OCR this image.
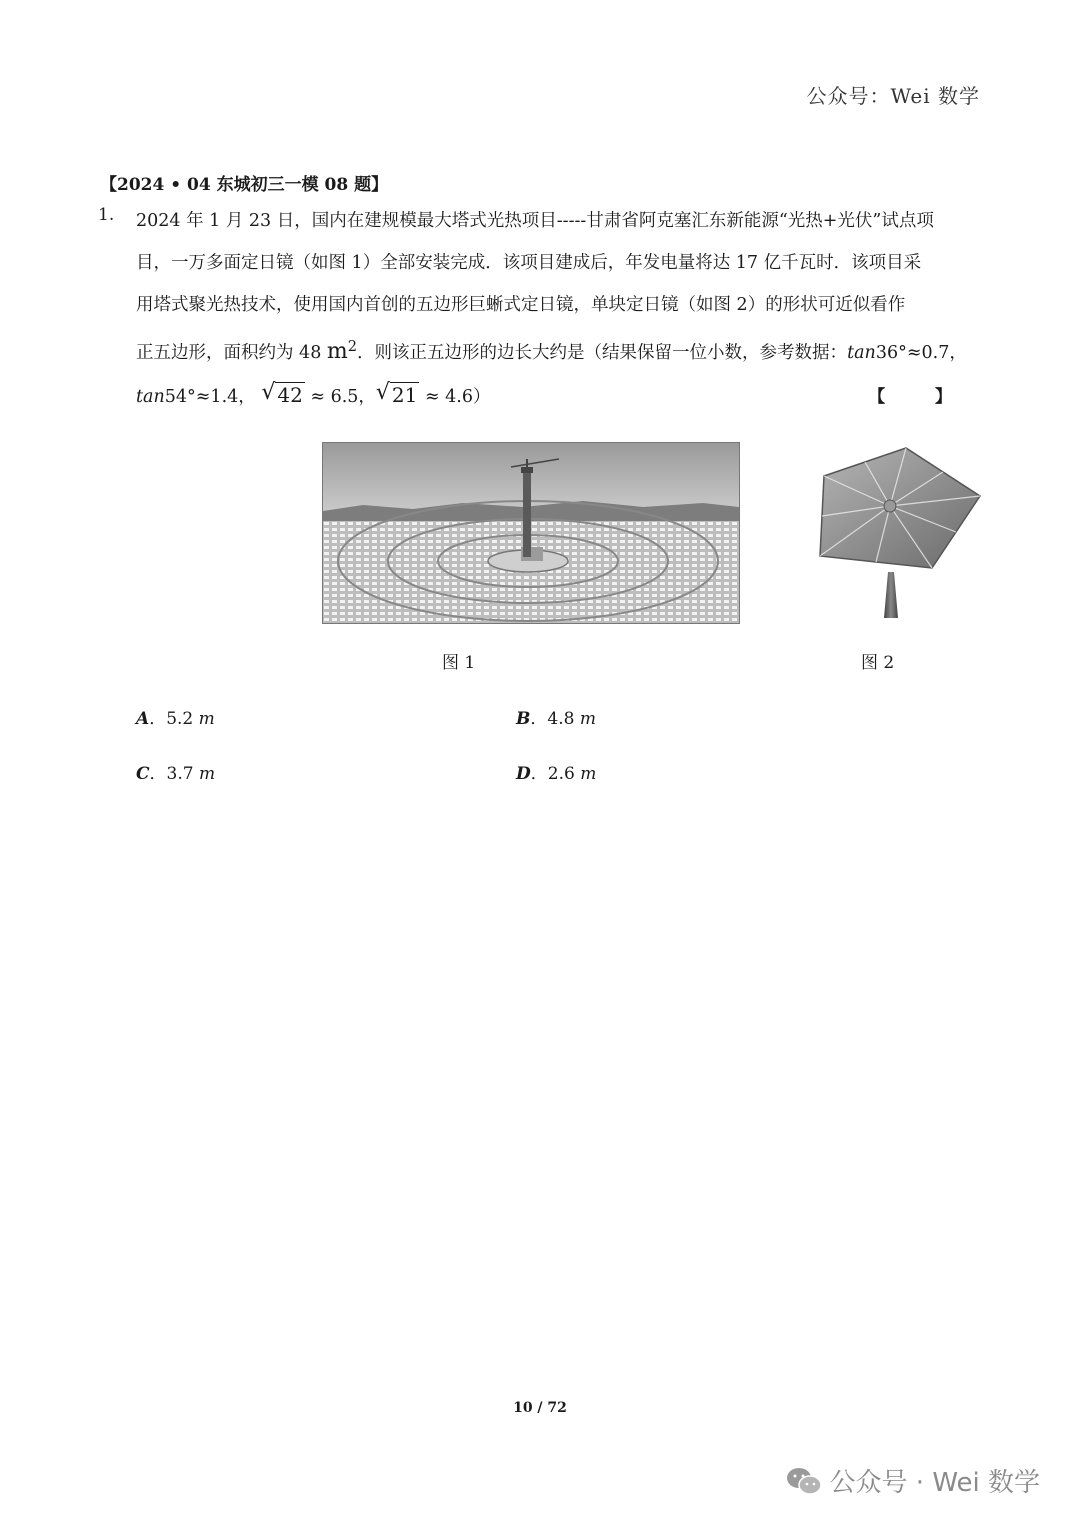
公众号：Wei 数学
【2024 • 04 东城初三一模 08 题】
1. 2024 年 1 月 23 日，国内在建规模最大塔式光热项目-----甘肃省阿克塞汇东新能源“光热+光伏”试点项
目，一万多面定日镜（如图 1）全部安装完成．该项目建成后，年发电量将达 17 亿千瓦时．该项目采
用塔式聚光热技术，使用国内首创的五边形巨蜥式定日镜，单块定日镜（如图 2）的形状可近似看作
正五边形，面积约为 48 $m^2$．则该正五边形的边长大约是（结果保留一位小数，参考数据：tan36°≈0.7，
tan54°≈1.4， √ 42 ≈ 6.5， √ 21 ≈ 4.6）	【 】
图 1	图 2
A．5.2 m	B．4.8 m
C．3.7 m	D．2.6 m
10 / 72
公众号 · Wei 数学
